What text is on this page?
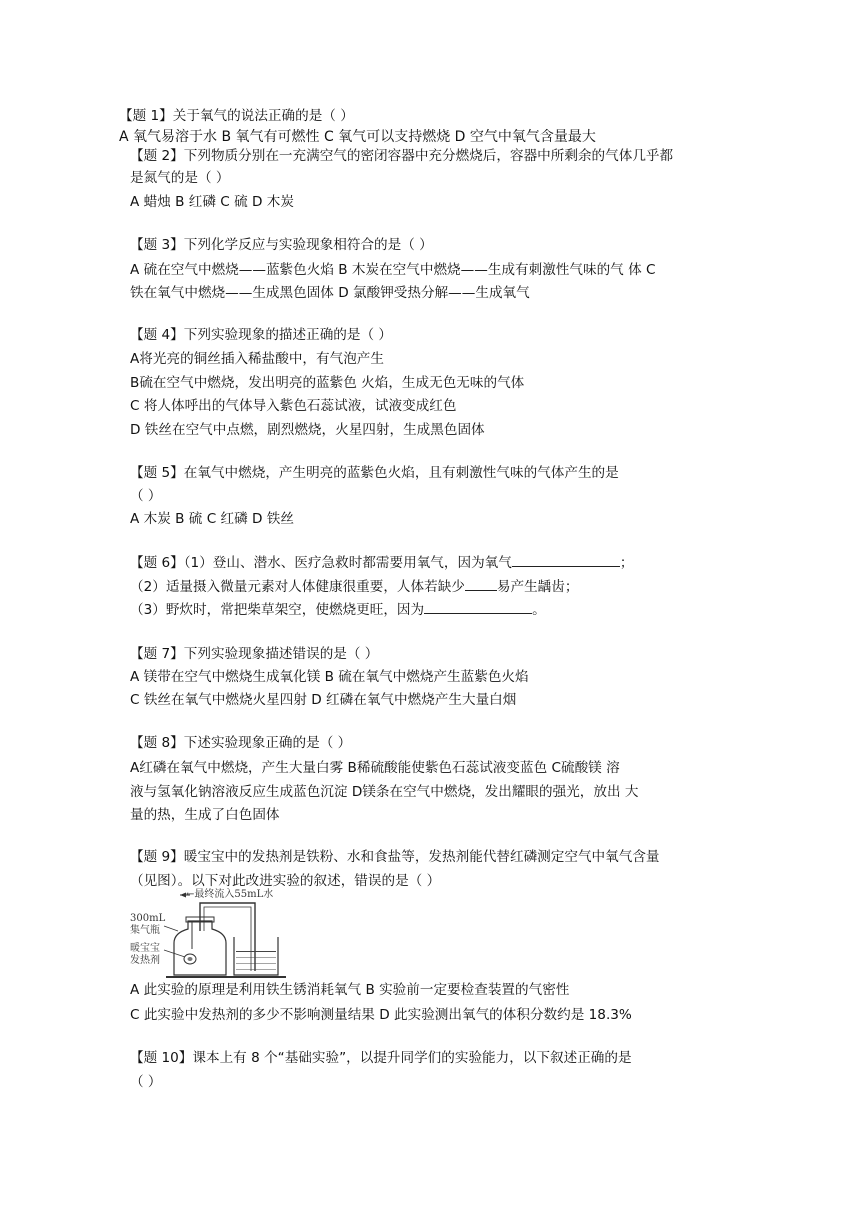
【题 1】关于氧气的说法正确的是（ ）
A 氧气易溶于水 B 氧气有可燃性 C 氧气可以支持燃烧 D 空气中氧气含量最大
【题 2】下列物质分别在一充满空气的密闭容器中充分燃烧后，容器中所剩余的气体几乎都
是氮气的是（ ）
A 蜡烛 B 红磷 C 硫 D 木炭
【题 3】下列化学反应与实验现象相符合的是（ ）
A 硫在空气中燃烧——蓝紫色火焰 B 木炭在空气中燃烧——生成有刺激性气味的气 体 C
铁在氧气中燃烧——生成黑色固体 D 氯酸钾受热分解——生成氧气
【题 4】下列实验现象的描述正确的是（ ）
A将光亮的铜丝插入稀盐酸中，有气泡产生
B硫在空气中燃烧，发出明亮的蓝紫色 火焰，生成无色无味的气体
C 将人体呼出的气体导入紫色石蕊试液，试液变成红色
D 铁丝在空气中点燃，剧烈燃烧，火星四射，生成黑色固体
【题 5】在氧气中燃烧，产生明亮的蓝紫色火焰，且有刺激性气味的气体产生的是
（ ）
A 木炭 B 硫 C 红磷 D 铁丝
【题 6】（1）登山、潜水、医疗急救时都需要用氧气，因为氧气	；
（2）适量摄入微量元素对人体健康很重要，人体若缺少 易产生龋齿；
（3）野炊时，常把柴草架空，使燃烧更旺，因为	。
【题 7】下列实验现象描述错误的是（ ）
A 镁带在空气中燃烧生成氧化镁 B 硫在氧气中燃烧产生蓝紫色火焰
C 铁丝在氧气中燃烧火星四射 D 红磷在氧气中燃烧产生大量白烟
【题 8】下述实验现象正确的是（ ）
A红磷在氧气中燃烧，产生大量白雾 B稀硫酸能使紫色石蕊试液变蓝色 C硫酸镁 溶
液与氢氧化钠溶液反应生成蓝色沉淀 D镁条在空气中燃烧，发出耀眼的强光，放出 大
量的热，生成了白色固体
【题 9】暖宝宝中的发热剂是铁粉、水和食盐等，发热剂能代替红磷测定空气中氧气含量
（见图）。以下对此改进实验的叙述，错误的是（ ）
←最终流入55mL水
300mL
集气瓶
暖宝宝
发热剂
A 此实验的原理是利用铁生锈消耗氧气 B 实验前一定要检查装置的气密性
C 此实验中发热剂的多少不影响测量结果 D 此实验测出氧气的体积分数约是 18.3%
【题 10】课本上有 8 个“基础实验”，以提升同学们的实验能力，以下叙述正确的是
（ ）
